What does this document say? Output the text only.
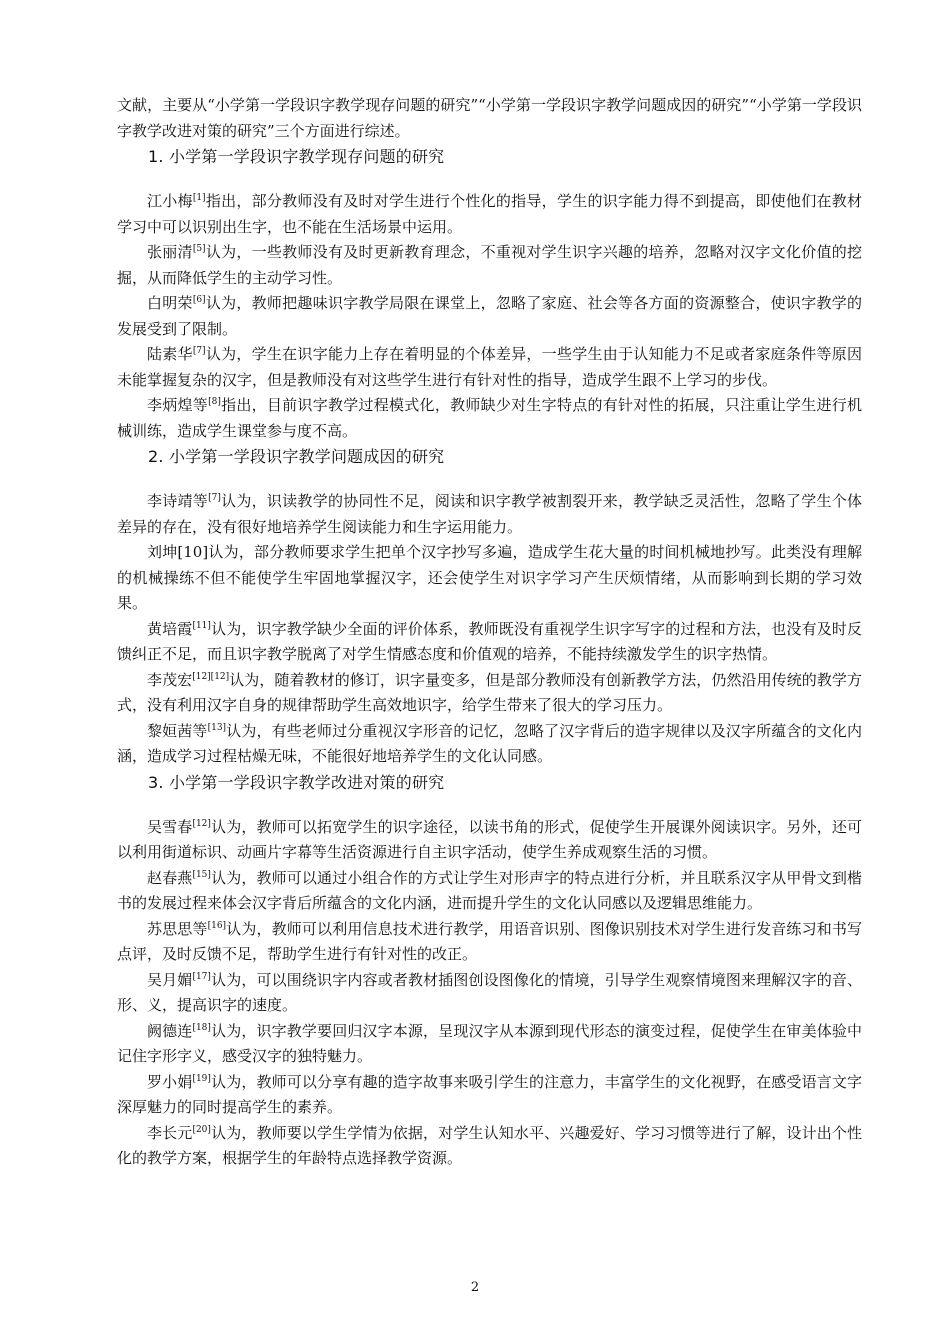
文献，主要从“小学第一学段识字教学现存问题的研究”“小学第一学段识字教学问题成因的研究”“小学第一学段识字教学改进对策的研究”三个方面进行综述。

1. 小学第一学段识字教学现存问题的研究

江小梅[1]指出，部分教师没有及时对学生进行个性化的指导，学生的识字能力得不到提高，即使他们在教材学习中可以识别出生字，也不能在生活场景中运用。

张丽清[5]认为，一些教师没有及时更新教育理念，不重视对学生识字兴趣的培养，忽略对汉字文化价值的挖掘，从而降低学生的主动学习性。

白明荣[6]认为，教师把趣味识字教学局限在课堂上，忽略了家庭、社会等各方面的资源整合，使识字教学的发展受到了限制。

陆素华[7]认为，学生在识字能力上存在着明显的个体差异，一些学生由于认知能力不足或者家庭条件等原因未能掌握复杂的汉字，但是教师没有对这些学生进行有针对性的指导，造成学生跟不上学习的步伐。

李炳煌等[8]指出，目前识字教学过程模式化，教师缺少对生字特点的有针对性的拓展，只注重让学生进行机械训练，造成学生课堂参与度不高。

2. 小学第一学段识字教学问题成因的研究

李诗靖等[7]认为，识读教学的协同性不足，阅读和识字教学被割裂开来，教学缺乏灵活性，忽略了学生个体差异的存在，没有很好地培养学生阅读能力和生字运用能力。

刘坤[10]认为，部分教师要求学生把单个汉字抄写多遍，造成学生花大量的时间机械地抄写。此类没有理解的机械操练不但不能使学生牢固地掌握汉字，还会使学生对识字学习产生厌烦情绪，从而影响到长期的学习效果。

黄培霞[11]认为，识字教学缺少全面的评价体系，教师既没有重视学生识字写字的过程和方法，也没有及时反馈纠正不足，而且识字教学脱离了对学生情感态度和价值观的培养，不能持续激发学生的识字热情。

李茂宏[12][12]认为，随着教材的修订，识字量变多，但是部分教师没有创新教学方法，仍然沿用传统的教学方式，没有利用汉字自身的规律帮助学生高效地识字，给学生带来了很大的学习压力。

黎姮茜等[13]认为，有些老师过分重视汉字形音的记忆，忽略了汉字背后的造字规律以及汉字所蕴含的文化内涵，造成学习过程枯燥无味，不能很好地培养学生的文化认同感。

3. 小学第一学段识字教学改进对策的研究

吴雪春[12]认为，教师可以拓宽学生的识字途径，以读书角的形式，促使学生开展课外阅读识字。另外，还可以利用街道标识、动画片字幕等生活资源进行自主识字活动，使学生养成观察生活的习惯。

赵春燕[15]认为，教师可以通过小组合作的方式让学生对形声字的特点进行分析，并且联系汉字从甲骨文到楷书的发展过程来体会汉字背后所蕴含的文化内涵，进而提升学生的文化认同感以及逻辑思维能力。

苏思思等[16]认为，教师可以利用信息技术进行教学，用语音识别、图像识别技术对学生进行发音练习和书写点评，及时反馈不足，帮助学生进行有针对性的改正。

吴月媚[17]认为，可以围绕识字内容或者教材插图创设图像化的情境，引导学生观察情境图来理解汉字的音、形、义，提高识字的速度。

阙德连[18]认为，识字教学要回归汉字本源，呈现汉字从本源到现代形态的演变过程，促使学生在审美体验中记住字形字义，感受汉字的独特魅力。

罗小娟[19]认为，教师可以分享有趣的造字故事来吸引学生的注意力，丰富学生的文化视野，在感受语言文字深厚魅力的同时提高学生的素养。

李长元[20]认为，教师要以学生学情为依据，对学生认知水平、兴趣爱好、学习习惯等进行了解，设计出个性化的教学方案，根据学生的年龄特点选择教学资源。

2
